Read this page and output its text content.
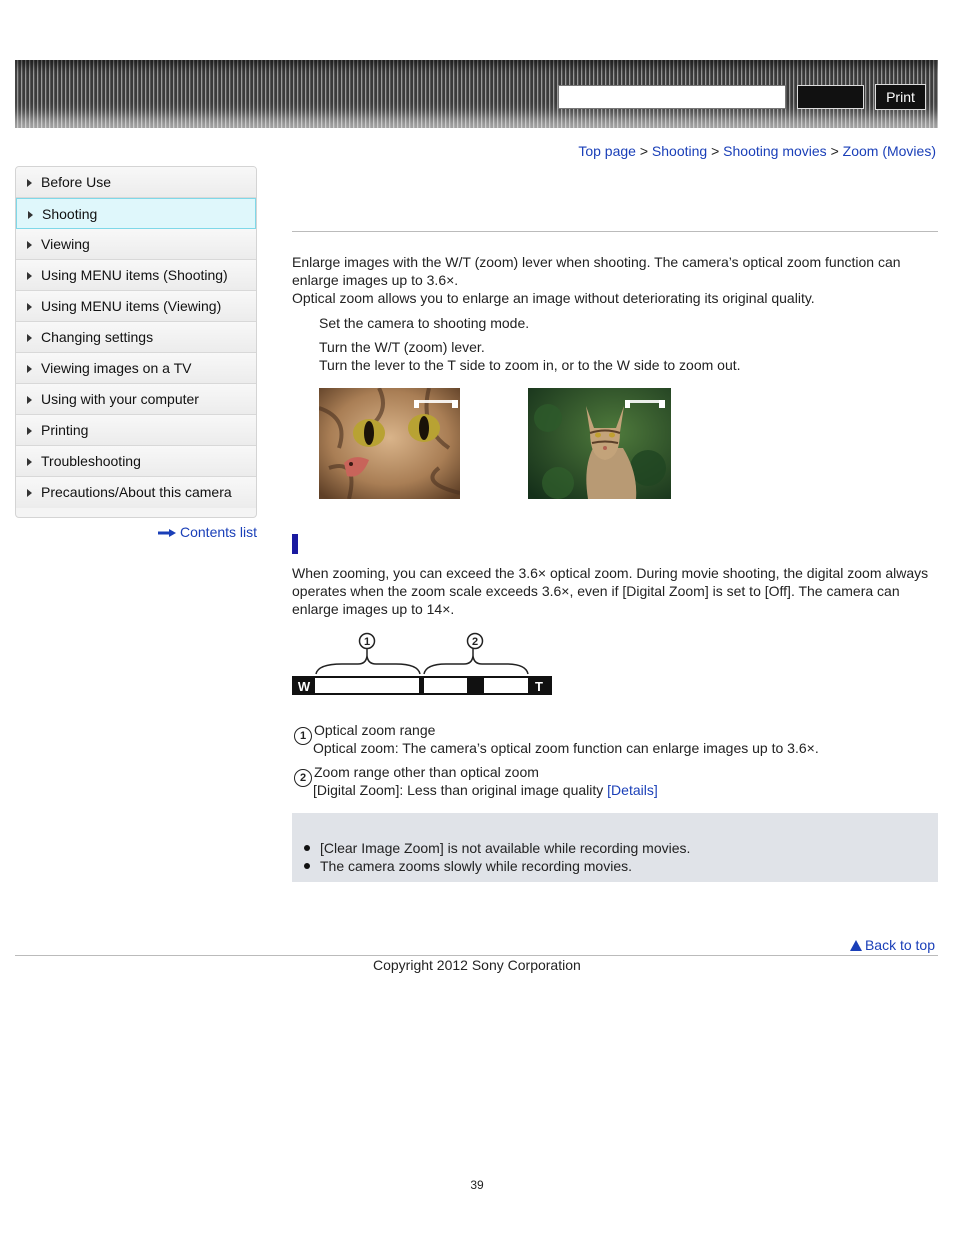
Print
Top page > Shooting > Shooting movies > Zoom (Movies)
Before Use
Shooting
Viewing
Using MENU items (Shooting)
Using MENU items (Viewing)
Changing settings
Viewing images on a TV
Using with your computer
Printing
Troubleshooting
Precautions/About this camera
Contents list
Enlarge images with the W/T (zoom) lever when shooting. The camera’s optical zoom function can enlarge images up to 3.6×.
Optical zoom allows you to enlarge an image without deteriorating its original quality.
Set the camera to shooting mode.
Turn the W/T (zoom) lever.
Turn the lever to the T side to zoom in, or to the W side to zoom out.
When zooming, you can exceed the 3.6× optical zoom. During movie shooting, the digital zoom always operates when the zoom scale exceeds 3.6×, even if [Digital Zoom] is set to [Off]. The camera can enlarge images up to 14×.
1	2
W	T
1 Optical zoom range
Optical zoom: The camera’s optical zoom function can enlarge images up to 3.6×.
2 Zoom range other than optical zoom
[Digital Zoom]: Less than original image quality [Details]
[Clear Image Zoom] is not available while recording movies.
The camera zooms slowly while recording movies.
Back to top
Copyright 2012 Sony Corporation
39
